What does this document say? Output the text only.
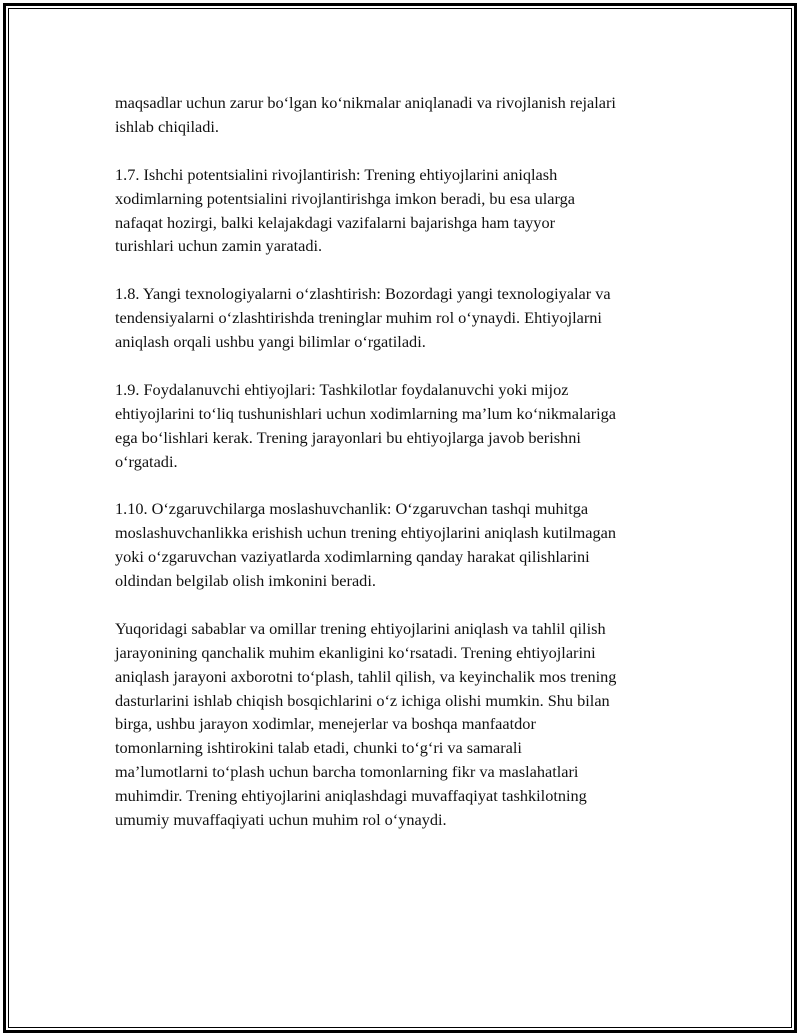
maqsadlar uchun zarur bo‘lgan ko‘nikmalar aniqlanadi va rivojlanish rejalari
ishlab chiqiladi.

1.7. Ishchi potentsialini rivojlantirish: Trening ehtiyojlarini aniqlash
xodimlarning potentsialini rivojlantirishga imkon beradi, bu esa ularga
nafaqat hozirgi, balki kelajakdagi vazifalarni bajarishga ham tayyor
turishlari uchun zamin yaratadi.

1.8. Yangi texnologiyalarni o‘zlashtirish: Bozordagi yangi texnologiyalar va
tendensiyalarni o‘zlashtirishda treninglar muhim rol o‘ynaydi. Ehtiyojlarni
aniqlash orqali ushbu yangi bilimlar o‘rgatiladi.

1.9. Foydalanuvchi ehtiyojlari: Tashkilotlar foydalanuvchi yoki mijoz
ehtiyojlarini to‘liq tushunishlari uchun xodimlarning ma’lum ko‘nikmalariga
ega bo‘lishlari kerak. Trening jarayonlari bu ehtiyojlarga javob berishni
o‘rgatadi.

1.10. O‘zgaruvchilarga moslashuvchanlik: O‘zgaruvchan tashqi muhitga
moslashuvchanlikka erishish uchun trening ehtiyojlarini aniqlash kutilmagan
yoki o‘zgaruvchan vaziyatlarda xodimlarning qanday harakat qilishlarini
oldindan belgilab olish imkonini beradi.

Yuqoridagi sabablar va omillar trening ehtiyojlarini aniqlash va tahlil qilish
jarayonining qanchalik muhim ekanligini ko‘rsatadi. Trening ehtiyojlarini
aniqlash jarayoni axborotni to‘plash, tahlil qilish, va keyinchalik mos trening
dasturlarini ishlab chiqish bosqichlarini o‘z ichiga olishi mumkin. Shu bilan
birga, ushbu jarayon xodimlar, menejerlar va boshqa manfaatdor
tomonlarning ishtirokini talab etadi, chunki to‘g‘ri va samarali
ma’lumotlarni to‘plash uchun barcha tomonlarning fikr va maslahatlari
muhimdir. Trening ehtiyojlarini aniqlashdagi muvaffaqiyat tashkilotning
umumiy muvaffaqiyati uchun muhim rol o‘ynaydi.
